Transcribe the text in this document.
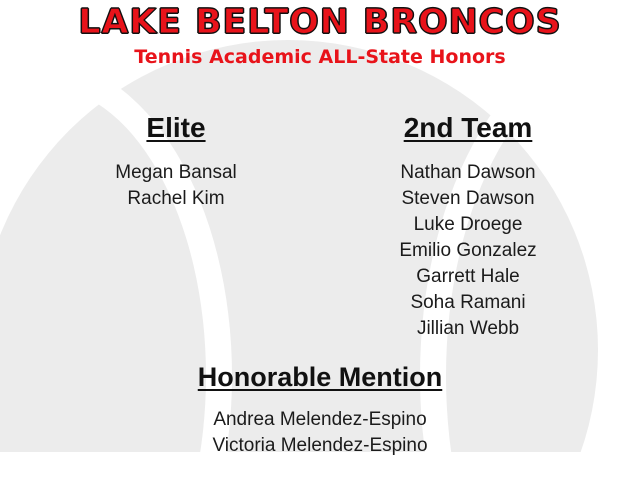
LAKE BELTON BRONCOS
Tennis Academic ALL-State Honors
Elite
Megan Bansal
Rachel Kim
2nd Team
Nathan Dawson
Steven Dawson
Luke Droege
Emilio Gonzalez
Garrett Hale
Soha Ramani
Jillian Webb
Honorable Mention
Andrea Melendez-Espino
Victoria Melendez-Espino
